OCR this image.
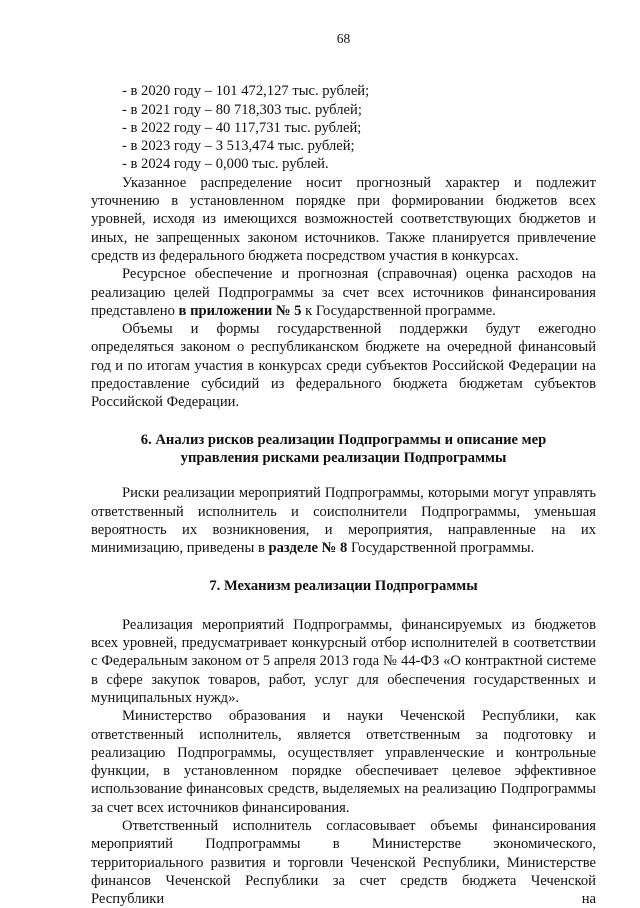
68
- в 2020 году – 101 472,127 тыс. рублей;
- в 2021 году – 80 718,303 тыс. рублей;
- в 2022 году – 40 117,731 тыс. рублей;
- в 2023 году – 3 513,474 тыс. рублей;
- в 2024 году – 0,000 тыс. рублей.

Указанное распределение носит прогнозный характер и подлежит уточнению в установленном порядке при формировании бюджетов всех уровней, исходя из имеющихся возможностей соответствующих бюджетов и иных, не запрещенных законом источников. Также планируется привлечение средств из федерального бюджета посредством участия в конкурсах.

Ресурсное обеспечение и прогнозная (справочная) оценка расходов на реализацию целей Подпрограммы за счет всех источников финансирования представлено в приложении № 5 к Государственной программе.

Объемы и формы государственной поддержки будут ежегодно определяться законом о республиканском бюджете на очередной финансовый год и по итогам участия в конкурсах среди субъектов Российской Федерации на предоставление субсидий из федерального бюджета бюджетам субъектов Российской Федерации.

6. Анализ рисков реализации Подпрограммы и описание мер
управления рисками реализации Подпрограммы

Риски реализации мероприятий Подпрограммы, которыми могут управлять ответственный исполнитель и соисполнители Подпрограммы, уменьшая вероятность их возникновения, и мероприятия, направленные на их минимизацию, приведены в разделе № 8 Государственной программы.

7. Механизм реализации Подпрограммы

Реализация мероприятий Подпрограммы, финансируемых из бюджетов всех уровней, предусматривает конкурсный отбор исполнителей в соответствии с Федеральным законом от 5 апреля 2013 года № 44-ФЗ «О контрактной системе в сфере закупок товаров, работ, услуг для обеспечения государственных и муниципальных нужд».

Министерство образования и науки Чеченской Республики, как ответственный исполнитель, является ответственным за подготовку и реализацию Подпрограммы, осуществляет управленческие и контрольные функции, в установленном порядке обеспечивает целевое эффективное использование финансовых средств, выделяемых на реализацию Подпрограммы за счет всех источников финансирования.

Ответственный исполнитель согласовывает объемы финансирования мероприятий Подпрограммы в Министерстве экономического, территориального развития и торговли Чеченской Республики, Министерстве финансов Чеченской Республики за счет средств бюджета Чеченской Республики на
